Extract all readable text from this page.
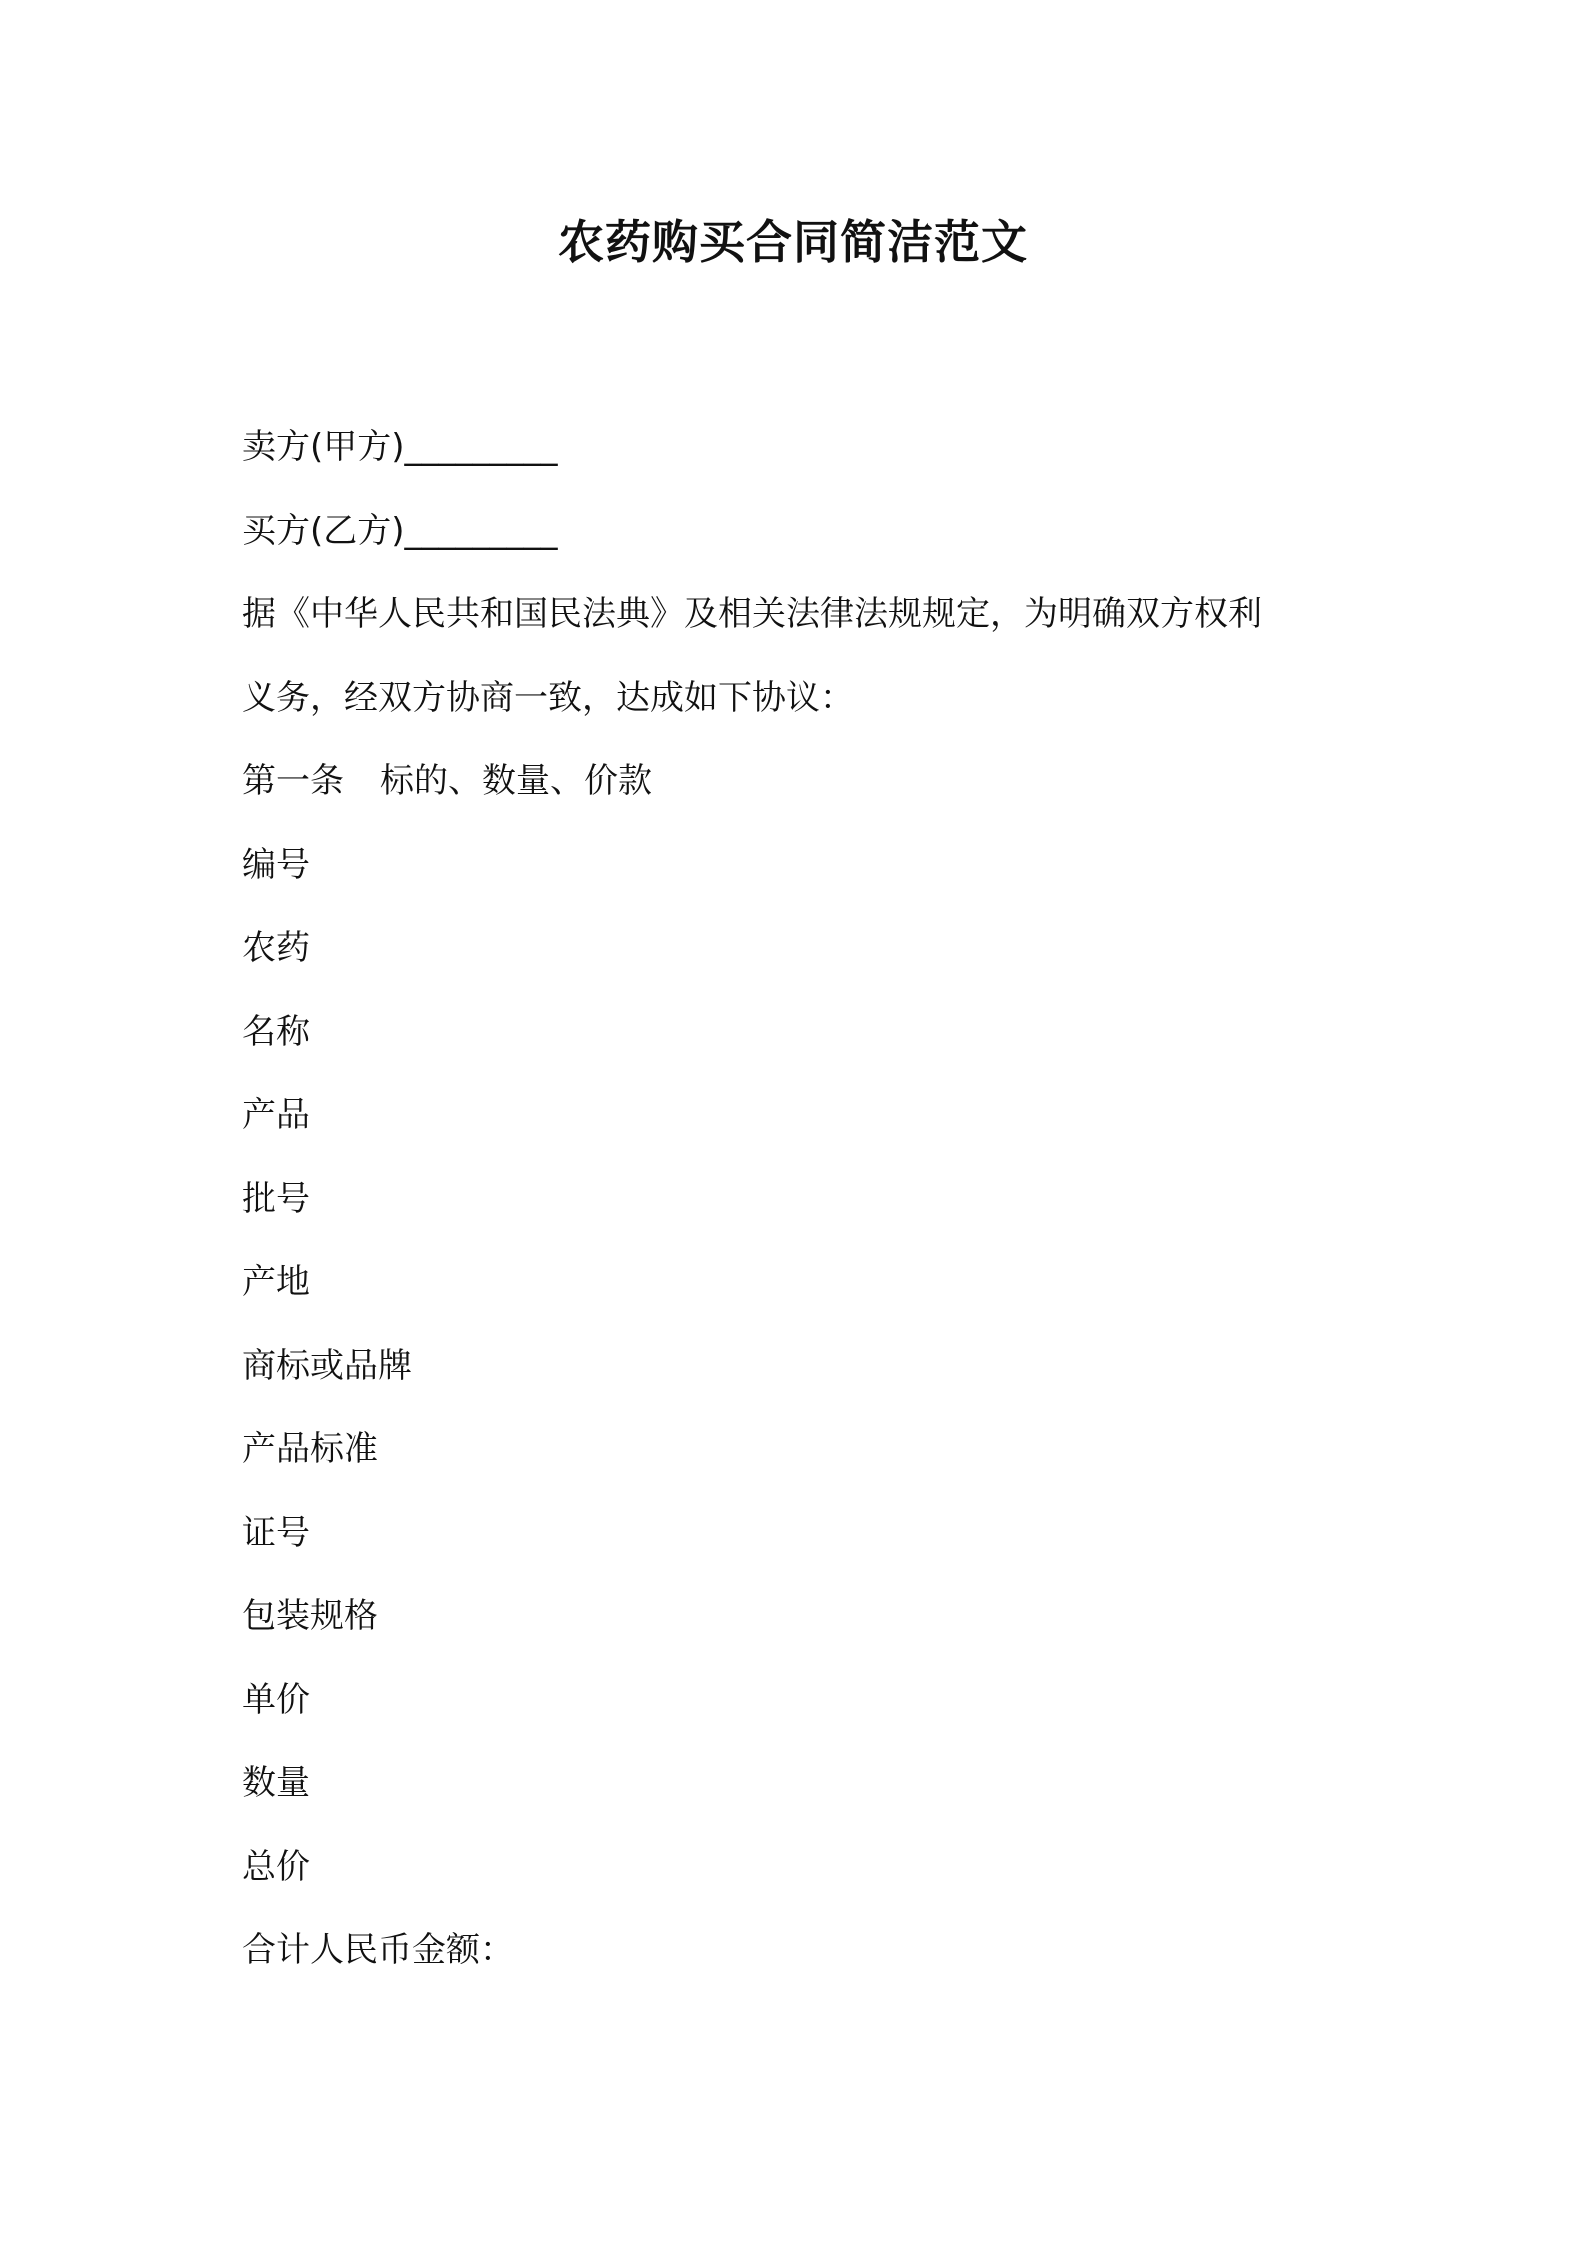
农药购买合同简洁范文
卖方(甲方)_________
买方(乙方)_________
据《中华人民共和国民法典》及相关法律法规规定，为明确双方权利
义务，经双方协商一致，达成如下协议：
第一条 标的、数量、价款
编号
农药
名称
产品
批号
产地
商标或品牌
产品标准
证号
包装规格
单价
数量
总价
合计人民币金额：
